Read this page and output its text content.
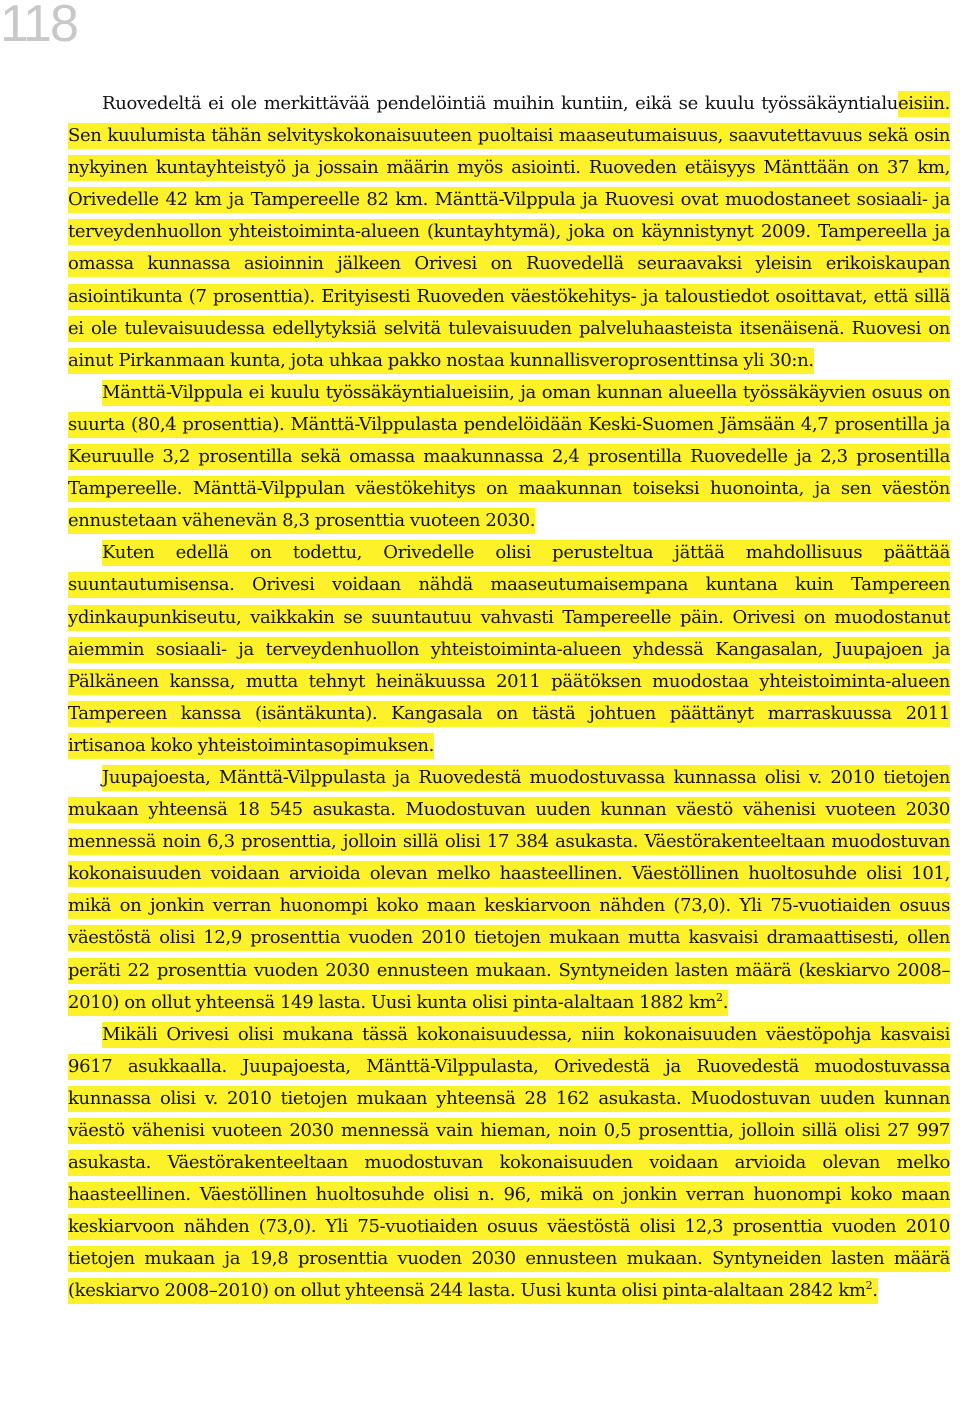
118

Ruovedeltä ei ole merkittävää pendelöintiä muihin kuntiin, eikä se kuulu työssäkäyntialueisiin. Sen kuulumista tähän selvityskokonaisuuteen puoltaisi maaseutumaisuus, saavutettavuus sekä osin nykyinen kuntayhteistyö ja jossain määrin myös asiointi. Ruoveden etäisyys Mänttään on 37 km, Orivedelle 42 km ja Tampereelle 82 km. Mänttä-Vilppula ja Ruovesi ovat muodostaneet sosiaali- ja terveydenhuollon yhteistoiminta-alueen (kuntayhtymä), joka on käynnistynyt 2009. Tampereella ja omassa kunnassa asioinnin jälkeen Orivesi on Ruovedellä seuraavaksi yleisin erikoiskaupan asiointikunta (7 prosenttia). Erityisesti Ruoveden väestökehitys- ja taloustiedot osoittavat, että sillä ei ole tulevaisuudessa edellytyksiä selvitä tulevaisuuden palveluhaasteista itsenäisenä. Ruovesi on ainut Pirkanmaan kunta, jota uhkaa pakko nostaa kunnallisveroprosenttinsa yli 30:n.

Mänttä-Vilppula ei kuulu työssäkäyntialueisiin, ja oman kunnan alueella työssäkäyvien osuus on suurta (80,4 prosenttia). Mänttä-Vilppulasta pendelöidään Keski-Suomen Jämsään 4,7 prosentilla ja Keuruulle 3,2 prosentilla sekä omassa maakunnassa 2,4 prosentilla Ruovedelle ja 2,3 prosentilla Tampereelle. Mänttä-Vilppulan väestökehitys on maakunnan toiseksi huonointa, ja sen väestön ennustetaan vähenevän 8,3 prosenttia vuoteen 2030.

Kuten edellä on todettu, Orivedelle olisi perusteltua jättää mahdollisuus päättää suuntautumisensa. Orivesi voidaan nähdä maaseutumaisempana kuntana kuin Tampereen ydinkaupunkiseutu, vaikkakin se suuntautuu vahvasti Tampereelle päin. Orivesi on muodostanut aiemmin sosiaali- ja terveydenhuollon yhteistoiminta-alueen yhdessä Kangasalan, Juupajoen ja Pälkäneen kanssa, mutta tehnyt heinäkuussa 2011 päätöksen muodostaa yhteistoiminta-alueen Tampereen kanssa (isäntäkunta). Kangasala on tästä johtuen päättänyt marraskuussa 2011 irtisanoa koko yhteistoimintasopimuksen.

Juupajoesta, Mänttä-Vilppulasta ja Ruovedestä muodostuvassa kunnassa olisi v. 2010 tietojen mukaan yhteensä 18 545 asukasta. Muodostuvan uuden kunnan väestö vähenisi vuoteen 2030 mennessä noin 6,3 prosenttia, jolloin sillä olisi 17 384 asukasta. Väestörakenteeltaan muodostuvan kokonaisuuden voidaan arvioida olevan melko haasteellinen. Väestöllinen huoltosuhde olisi 101, mikä on jonkin verran huonompi koko maan keskiarvoon nähden (73,0). Yli 75-vuotiaiden osuus väestöstä olisi 12,9 prosenttia vuoden 2010 tietojen mukaan mutta kasvaisi dramaattisesti, ollen peräti 22 prosenttia vuoden 2030 ennusteen mukaan. Syntyneiden lasten määrä (keskiarvo 2008–2010) on ollut yhteensä 149 lasta. Uusi kunta olisi pinta-alaltaan 1882 $km^2$.

Mikäli Orivesi olisi mukana tässä kokonaisuudessa, niin kokonaisuuden väestöpohja kasvaisi 9617 asukkaalla. Juupajoesta, Mänttä-Vilppulasta, Orivedestä ja Ruovedestä muodostuvassa kunnassa olisi v. 2010 tietojen mukaan yhteensä 28 162 asukasta. Muodostuvan uuden kunnan väestö vähenisi vuoteen 2030 mennessä vain hieman, noin 0,5 prosenttia, jolloin sillä olisi 27 997 asukasta. Väestörakenteeltaan muodostuvan kokonaisuuden voidaan arvioida olevan melko haasteellinen. Väestöllinen huoltosuhde olisi n. 96, mikä on jonkin verran huonompi koko maan keskiarvoon nähden (73,0). Yli 75-vuotiaiden osuus väestöstä olisi 12,3 prosenttia vuoden 2010 tietojen mukaan ja 19,8 prosenttia vuoden 2030 ennusteen mukaan. Syntyneiden lasten määrä (keskiarvo 2008–2010) on ollut yhteensä 244 lasta. Uusi kunta olisi pinta-alaltaan 2842 $km^2$.
